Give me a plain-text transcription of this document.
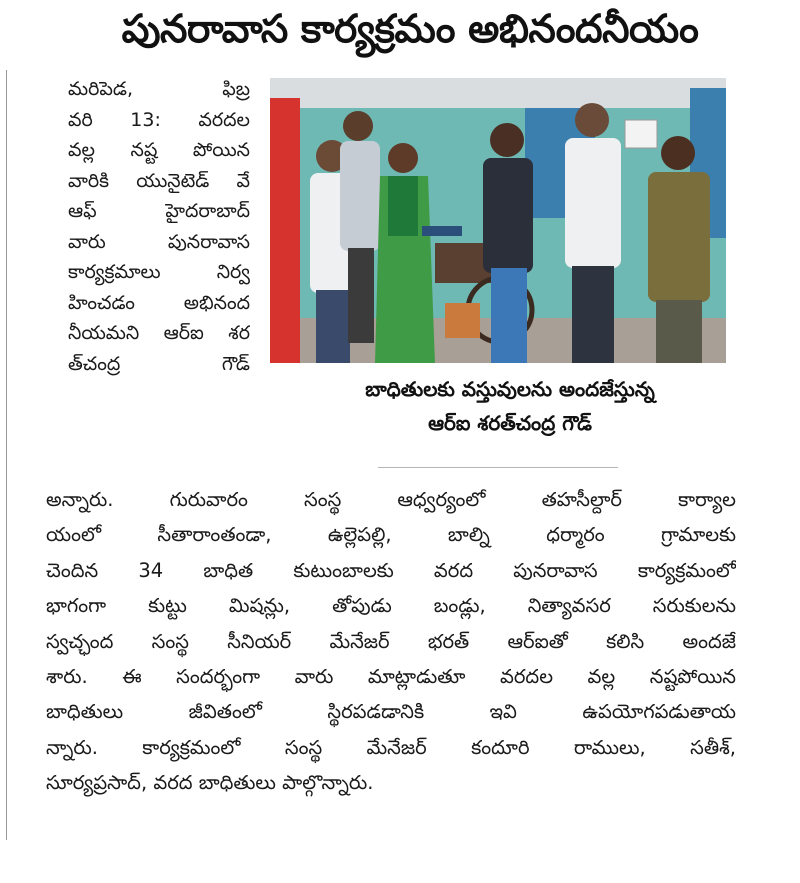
పునరావాస కార్యక్రమం అభినందనీయం
మరిపెడ, ఫిబ్ర
వరి 13: వరదల
వల్ల నష్ట పోయిన
వారికి యునైటెడ్ వే
ఆఫ్ హైదరాబాద్
వారు పునరావాస
కార్యక్రమాలు నిర్వ
హించడం అభినంద
నీయమని ఆర్ఐ శర
త్‌చంద్ర గౌడ్
బాధితులకు వస్తువులను అందజేస్తున్న
ఆర్ఐ శరత్‌చంద్ర గౌడ్
అన్నారు. గురువారం సంస్థ ఆధ్వర్యంలో తహసీల్దార్ కార్యాల
యంలో సీతారాంతండా, ఉల్లెపల్లి, బాల్ని ధర్మారం గ్రామాలకు
చెందిన 34 బాధిత కుటుంబాలకు వరద పునరావాస కార్యక్రమంలో
భాగంగా కుట్టు మిషన్లు, తోపుడు బండ్లు, నిత్యావసర సరుకులను
స్వచ్ఛంద సంస్థ సీనియర్ మేనేజర్ భరత్ ఆర్ఐతో కలిసి అందజే
శారు. ఈ సందర్భంగా వారు మాట్లాడుతూ వరదల వల్ల నష్టపోయిన
బాధితులు జీవితంలో స్థిరపడడానికి ఇవి ఉపయోగపడుతాయ
న్నారు. కార్యక్రమంలో సంస్థ మేనేజర్ కందూరి రాములు, సతీశ్,
సూర్యప్రసాద్, వరద బాధితులు పాల్గొన్నారు.
